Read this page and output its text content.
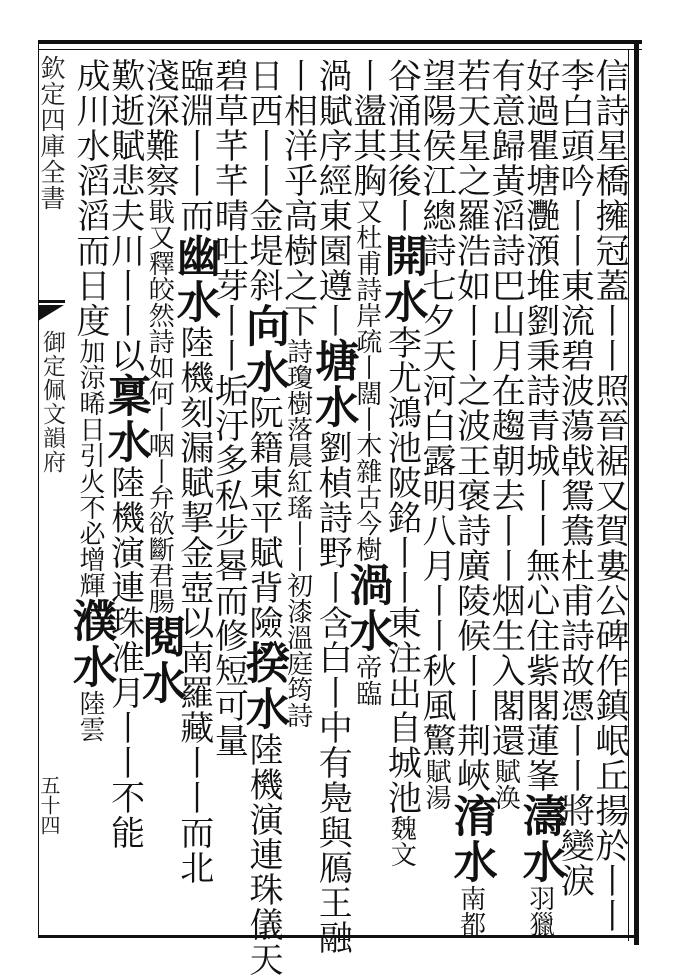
欽定四庫全書
御定佩文韻府
五十四	信詩星橋擁冠蓋丨丨照晉裾又賀婁公碑作鎮岷丘揚於丨丨
李白頭吟丨丨東流碧波蕩㦸鴛鴦杜甫詩故憑丨丨將變淚
好過瞿塘灧澦堆劉秉詩青城丨丨無心住紫閣蓮峯濤水羽獵
有意歸黃滔詩巴山月在趨朝去丨丨烟生入閣還賦涣
若天星之羅浩如丨丨之波王褒詩廣陵候丨丨荆峽淯水南都
望陽侯江總詩七夕天河白露明八月丨丨秋風驚賦湯
谷涌其後丨開水李尤鴻池陂銘丨丨東注出自城池魏文
丨盪其胸又杜甫詩岸疏丨闊丨木雜古今樹渦水帝臨
渦賦序經東園遵丨塘水劉楨詩野丨含白丨中有鳧與鴈王融
丨相洋乎高樹之下詩瓊樹落晨紅瑤丨丨初漆溫庭筠詩
日西丨丨金堤斜向水阮籍東平賦背險揆水陸機演連珠儀天
碧草芊芊晴吐芽丨丨垢汙多私步晷而修短可量
臨淵丨丨而幽水陸機刻漏賦挈金壺以南羅藏丨丨而北
淺深難察戢又釋皎然詩如何丨咽丨弁欲斷君腸閱水
歎逝賦悲夫川丨丨以稟水陸機演連珠准月丨丨不能
成川水滔滔而日度加涼晞日引火不必增輝濮水陸雲
